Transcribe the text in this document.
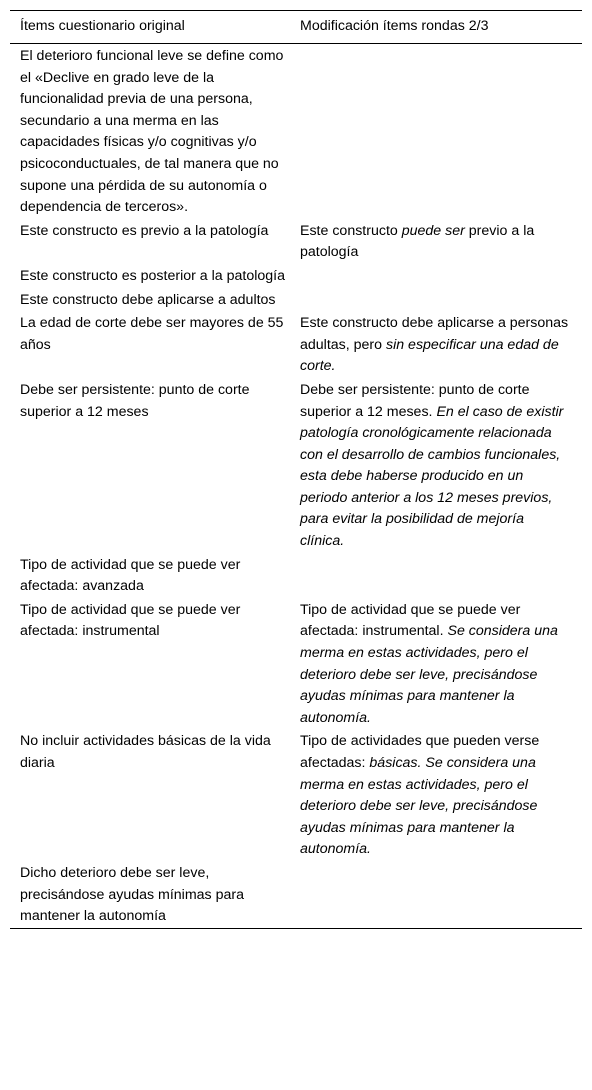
Ítems cuestionario original	Modificación ítems rondas 2/3
El deterioro funcional leve se define como el «Declive en grado leve de la funcionalidad previa de una persona, secundario a una merma en las capacidades físicas y/o cognitivas y/o psicoconductuales, de tal manera que no supone una pérdida de su autonomía o dependencia de terceros».
Este constructo es previo a la patología	Este constructo puede ser previo a la patología
Este constructo es posterior a la patología
Este constructo debe aplicarse a adultos
La edad de corte debe ser mayores de 55 años
Este constructo debe aplicarse a personas adultas, pero sin especificar una edad de corte.
Debe ser persistente: punto de corte superior a 12 meses
Debe ser persistente: punto de corte superior a 12 meses. En el caso de existir patología cronológicamente relacionada con el desarrollo de cambios funcionales, esta debe haberse producido en un periodo anterior a los 12 meses previos, para evitar la posibilidad de mejoría clínica.
Tipo de actividad que se puede ver afectada: avanzada
Tipo de actividad que se puede ver afectada: instrumental
Tipo de actividad que se puede ver afectada: instrumental. Se considera una merma en estas actividades, pero el deterioro debe ser leve, precisándose ayudas mínimas para mantener la autonomía.
No incluir actividades básicas de la vida diaria
Tipo de actividades que pueden verse afectadas: básicas. Se considera una merma en estas actividades, pero el deterioro debe ser leve, precisándose ayudas mínimas para mantener la autonomía.
Dicho deterioro debe ser leve, precisándose ayudas mínimas para mantener la autonomía
